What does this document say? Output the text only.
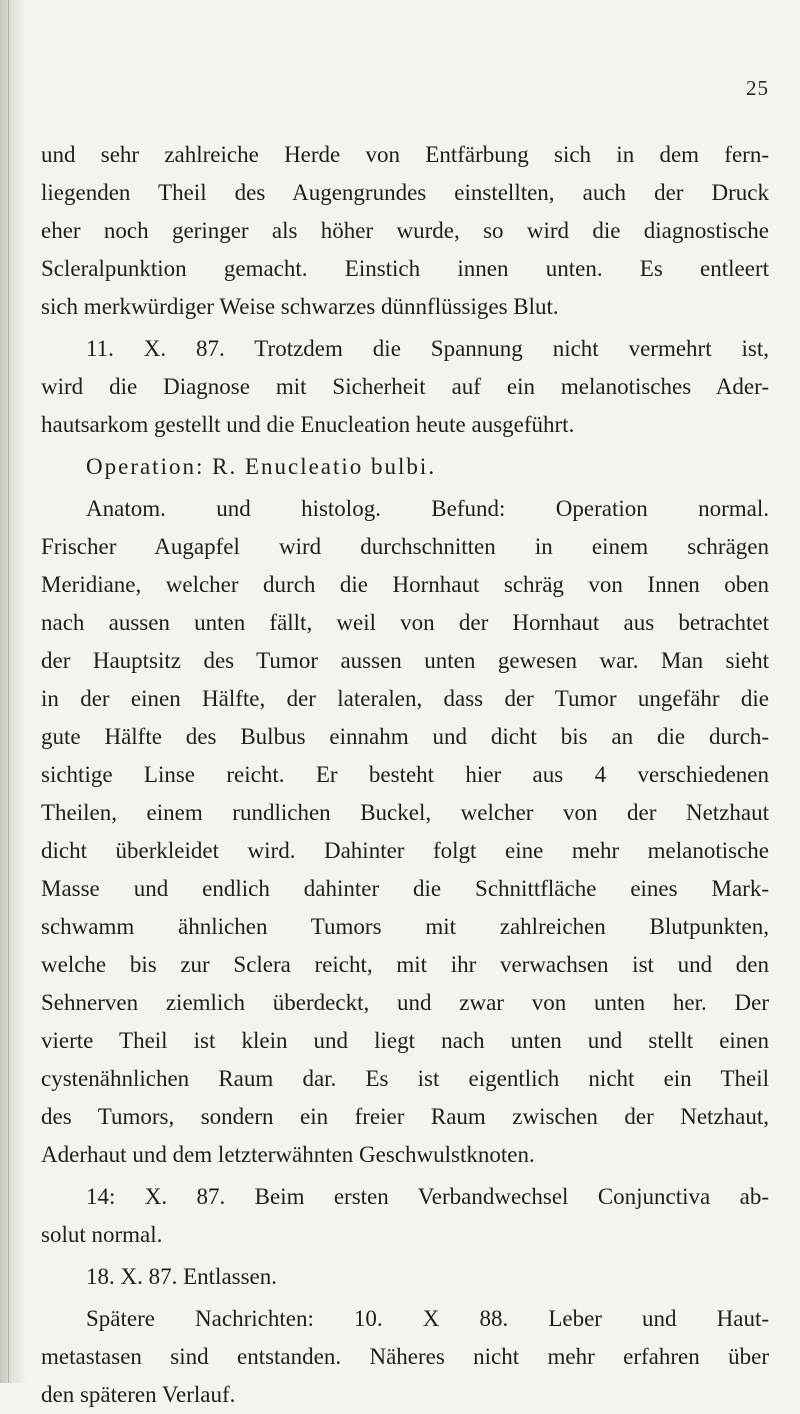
25
und sehr zahlreiche Herde von Entfärbung sich in dem fern-
liegenden Theil des Augengrundes einstellten, auch der Druck
eher noch geringer als höher wurde, so wird die diagnostische
Scleralpunktion gemacht. Einstich innen unten. Es entleert
sich merkwürdiger Weise schwarzes dünnflüssiges Blut.
11. X. 87. Trotzdem die Spannung nicht vermehrt ist,
wird die Diagnose mit Sicherheit auf ein melanotisches Ader-
hautsarkom gestellt und die Enucleation heute ausgeführt.
Operation: R. Enucleatio bulbi.
Anatom. und histolog. Befund: Operation normal.
Frischer Augapfel wird durchschnitten in einem schrägen
Meridiane, welcher durch die Hornhaut schräg von Innen oben
nach aussen unten fällt, weil von der Hornhaut aus betrachtet
der Hauptsitz des Tumor aussen unten gewesen war. Man sieht
in der einen Hälfte, der lateralen, dass der Tumor ungefähr die
gute Hälfte des Bulbus einnahm und dicht bis an die durch-
sichtige Linse reicht. Er besteht hier aus 4 verschiedenen
Theilen, einem rundlichen Buckel, welcher von der Netzhaut
dicht überkleidet wird. Dahinter folgt eine mehr melanotische
Masse und endlich dahinter die Schnittfläche eines Mark-
schwamm ähnlichen Tumors mit zahlreichen Blutpunkten,
welche bis zur Sclera reicht, mit ihr verwachsen ist und den
Sehnerven ziemlich überdeckt, und zwar von unten her. Der
vierte Theil ist klein und liegt nach unten und stellt einen
cystenähnlichen Raum dar. Es ist eigentlich nicht ein Theil
des Tumors, sondern ein freier Raum zwischen der Netzhaut,
Aderhaut und dem letzterwähnten Geschwulstknoten.
14: X. 87. Beim ersten Verbandwechsel Conjunctiva ab-
solut normal.
18. X. 87. Entlassen.
Spätere Nachrichten: 10. X 88. Leber und Haut-
metastasen sind entstanden. Näheres nicht mehr erfahren über
den späteren Verlauf.
